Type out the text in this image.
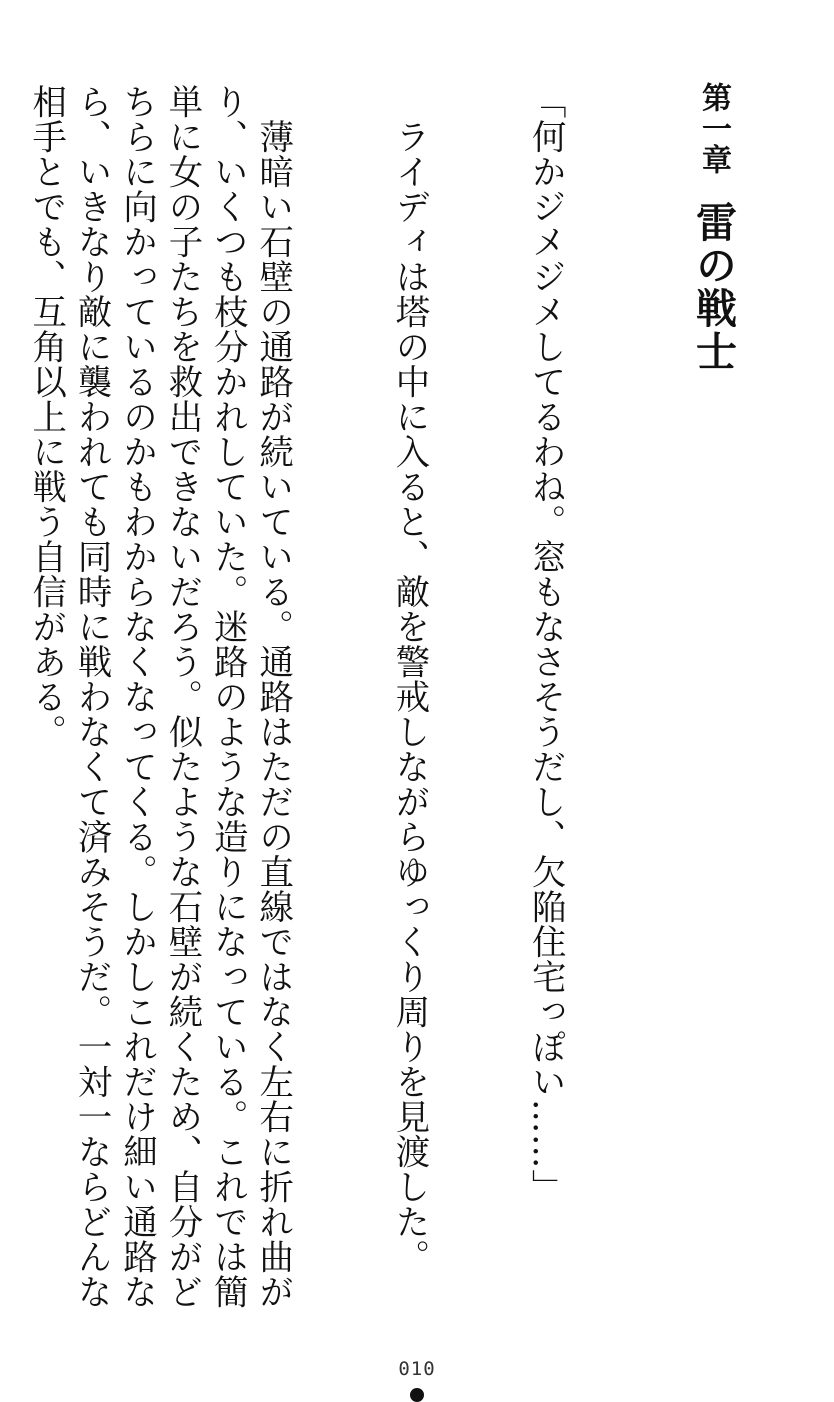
第一章雷の戦士

「何かジメジメしてるわね。窓もなさそうだし、欠陥住宅っぽい……」

　ライディは塔の中に入ると、敵を警戒しながらゆっくり周りを見渡した。

　薄暗い石壁の通路が続いている。通路はただの直線ではなく左右に折れ曲がり、いくつも枝分かれしていた。迷路のような造りになっている。これでは簡単に女の子たちを救出できないだろう。似たような石壁が続くため、自分がどちらに向かっているのかもわからなくなってくる。しかしこれだけ細い通路なら、いきなり敵に襲われても同時に戦わなくて済みそうだ。一対一ならどんな相手とでも、互角以上に戦う自信がある。

010
